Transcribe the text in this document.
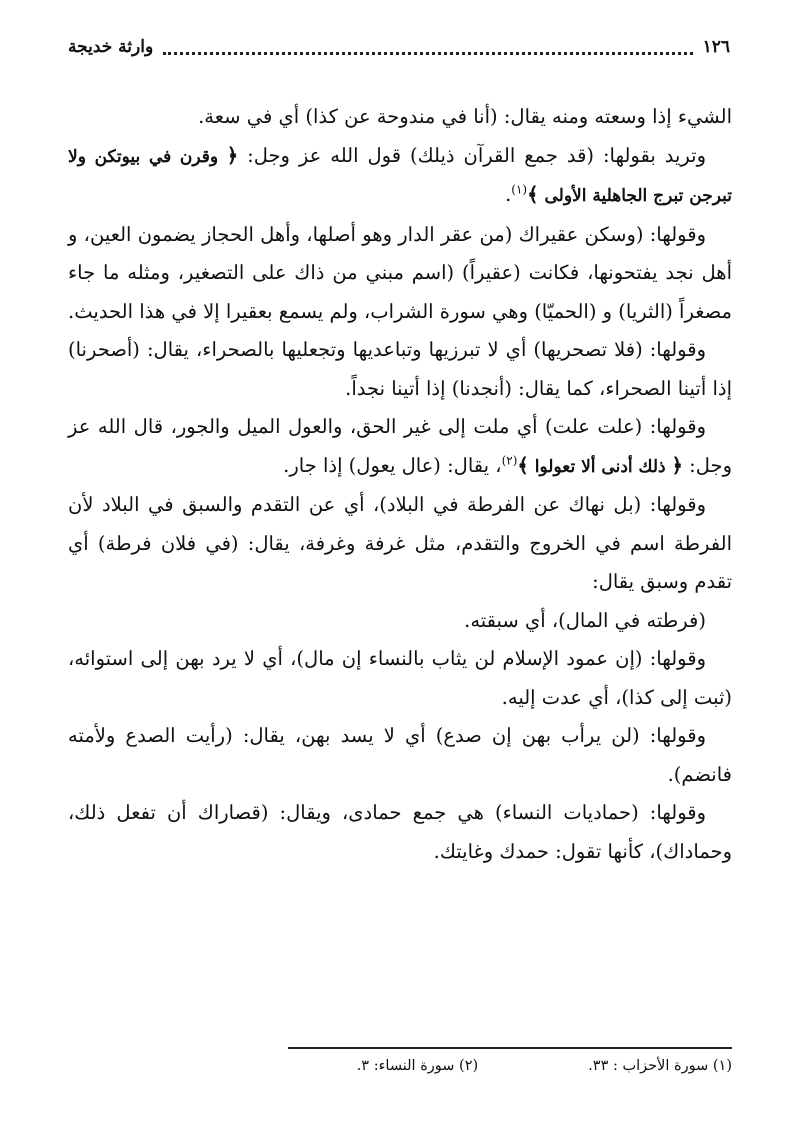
١٢٦
وارثة خديجة

الشيء إذا وسعته ومنه يقال: (أنا في مندوحة عن كذا) أي في سعة.

وتريد بقولها: (قد جمع القرآن ذيلك) قول الله عز وجل: ﴿ وقرن في بيوتكن ولا تبرجن تبرج الجاهلية الأولى ﴾$^{(١)}$.

وقولها: (وسكن عقيراك (من عقر الدار وهو أصلها، وأهل الحجاز يضمون العين، و أهل نجد يفتحونها، فكانت (عقيراً) (اسم مبني من ذاك على التصغير، ومثله ما جاء مصغراً (الثريا) و (الحميّا) وهي سورة الشراب، ولم يسمع بعقيرا إلا في هذا الحديث.

وقولها: (فلا تصحريها) أي لا تبرزيها وتباعديها وتجعليها بالصحراء، يقال: (أصحرنا) إذا أتينا الصحراء، كما يقال: (أنجدنا) إذا أتينا نجداً.

وقولها: (علت علت) أي ملت إلى غير الحق، والعول الميل والجور، قال الله عز وجل: ﴿ ذلك أدنى ألا تعولوا ﴾$^{(٢)}$، يقال: (عال يعول) إذا جار.

وقولها: (بل نهاك عن الفرطة في البلاد)، أي عن التقدم والسبق في البلاد لأن الفرطة اسم في الخروج والتقدم، مثل غرفة وغرفة، يقال: (في فلان فرطة) أي تقدم وسبق يقال:

(فرطته في المال)، أي سبقته.

وقولها: (إن عمود الإسلام لن يثاب بالنساء إن مال)، أي لا يرد بهن إلى استوائه، (ثبت إلى كذا)، أي عدت إليه.

وقولها: (لن يرأب بهن إن صدع) أي لا يسد بهن، يقال: (رأيت الصدع ولأمته فانضم).

وقولها: (حماديات النساء) هي جمع حمادى، ويقال: (قصاراك أن تفعل ذلك، وحماداك)، كأنها تقول: حمدك وغايتك.

(١) سورة الأحزاب : ٣٣.
(٢) سورة النساء: ٣.
